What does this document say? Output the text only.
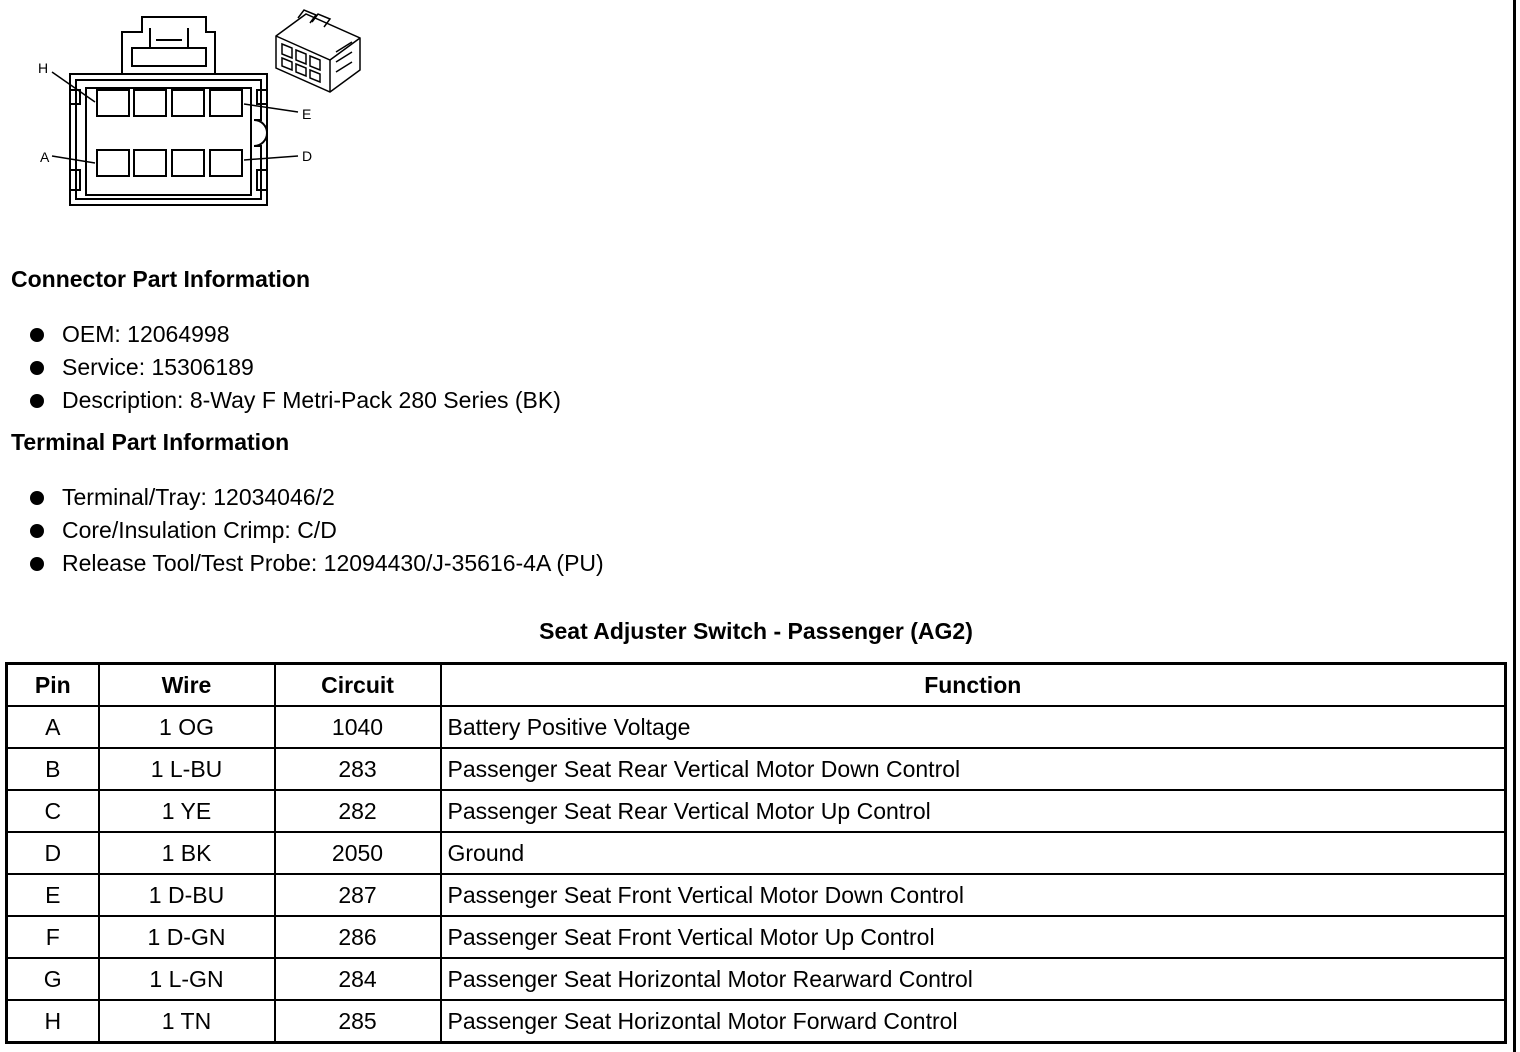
H
E
A	D
Connector Part Information
OEM: 12064998
Service: 15306189
Description: 8-Way F Metri-Pack 280 Series (BK)
Terminal Part Information
Terminal/Tray: 12034046/2
Core/Insulation Crimp: C/D
Release Tool/Test Probe: 12094430/J-35616-4A (PU)
Seat Adjuster Switch - Passenger (AG2)
Pin	Wire	Circuit	Function
A	1 OG	1040	Battery Positive Voltage
B	1 L-BU	283	Passenger Seat Rear Vertical Motor Down Control
C	1 YE	282	Passenger Seat Rear Vertical Motor Up Control
D	1 BK	2050	Ground
E	1 D-BU	287	Passenger Seat Front Vertical Motor Down Control
F	1 D-GN	286	Passenger Seat Front Vertical Motor Up Control
G	1 L-GN	284	Passenger Seat Horizontal Motor Rearward Control
H	1 TN	285	Passenger Seat Horizontal Motor Forward Control
